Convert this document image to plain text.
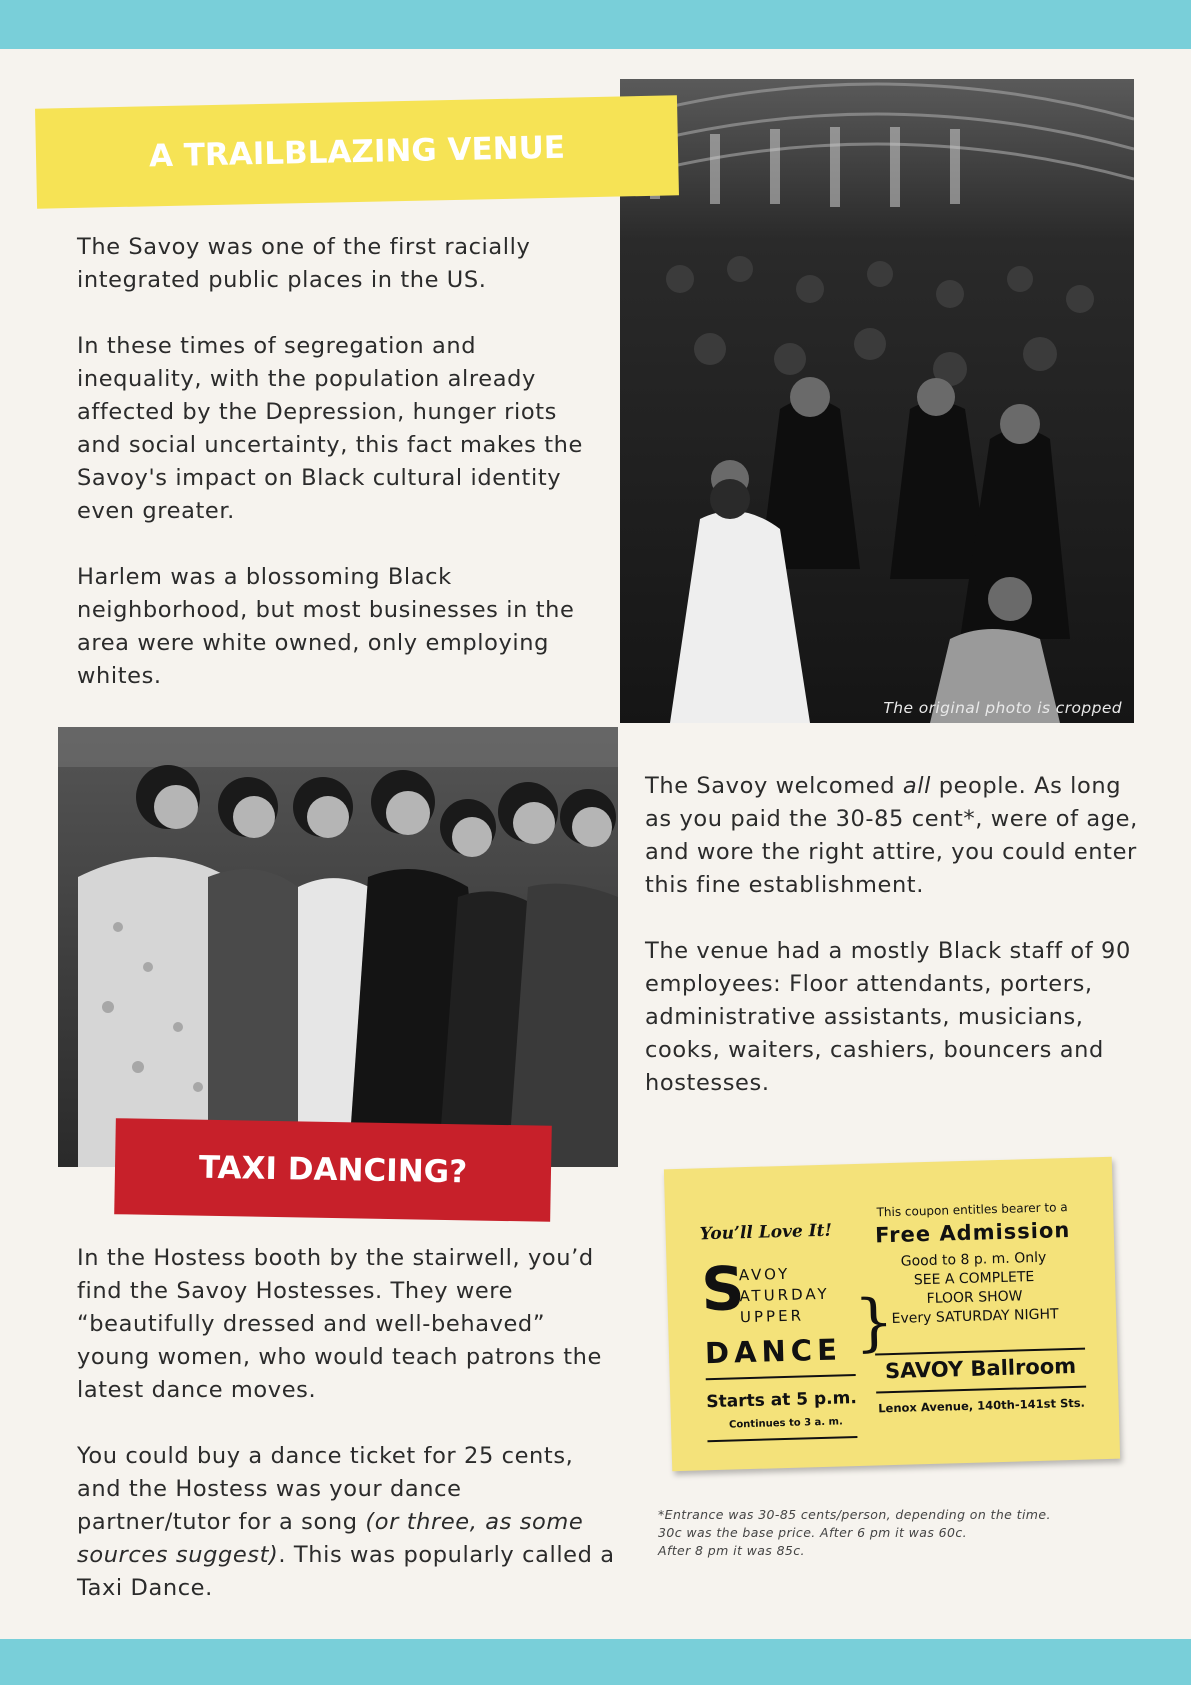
The original photo is cropped
A TRAILBLAZING VENUE

The Savoy was one of the first racially integrated public places in the US.

In these times of segregation and inequality, with the population already affected by the Depression, hunger riots and social uncertainty, this fact makes the Savoy's impact on Black cultural identity even greater.

Harlem was a blossoming Black neighborhood, but most businesses in the area were white owned, only employing whites.

TAXI DANCING?

The Savoy welcomed all people. As long as you paid the 30-85 cent*, were of age, and wore the right attire, you could enter this fine establishment.

The venue had a mostly Black staff of 90 employees: Floor attendants, porters, administrative assistants, musicians, cooks, waiters, cashiers, bouncers and hostesses.

In the Hostess booth by the stairwell, you’d find the Savoy Hostesses. They were “beautifully dressed and well-behaved” young women, who would teach patrons the latest dance moves.

You could buy a dance ticket for 25 cents, and the Hostess was your dance partner/tutor for a song (or three, as some sources suggest). This was popularly called a Taxi Dance.

You’ll Love It!
S
AVOY
ATURDAY
UPPER }
DANCE
Starts at 5 p.m.
Continues to 3 a. m.
This coupon entitles bearer to a
Free Admission
Good to 8 p. m. Only
SEE A COMPLETE
FLOOR SHOW
Every SATURDAY NIGHT
SAVOY Ballroom
Lenox Avenue, 140th-141st Sts.
*Entrance was 30-85 cents/person, depending on the time.
30c was the base price. After 6 pm it was 60c.
After 8 pm it was 85c.
